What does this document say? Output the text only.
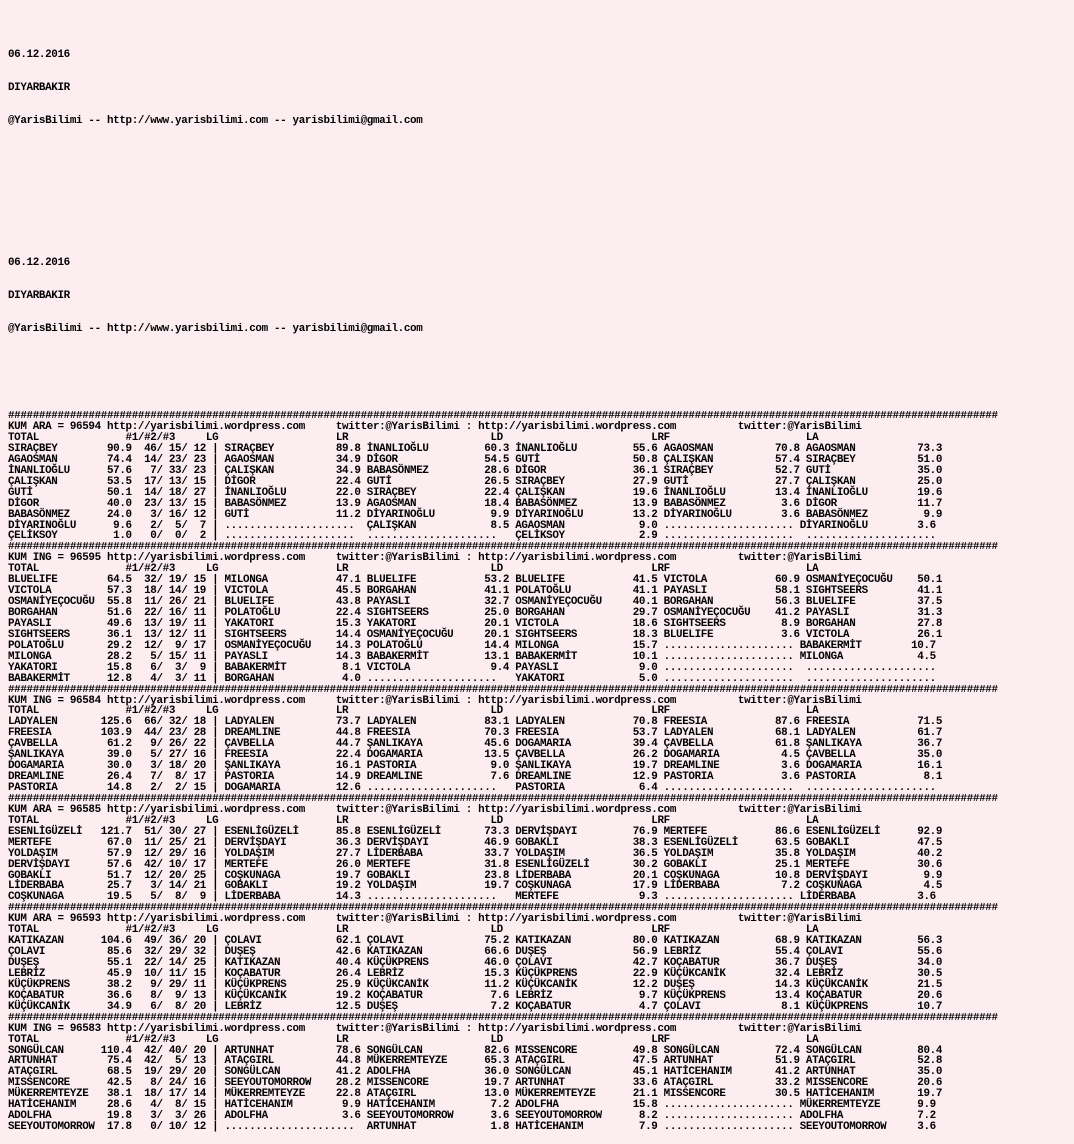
06.12.2016

DIYARBAKIR

@YarisBilimi -- http://www.yarisbilimi.com -- yarisbilimi@gmail.com

06.12.2016

DIYARBAKIR

@YarisBilimi -- http://www.yarisbilimi.com -- yarisbilimi@gmail.com

################################################################################################################################################################
KUM ARA = 96594 http://yarisbilimi.wordpress.com     twitter:@YarisBilimi : http://yarisbilimi.wordpress.com          twitter:@YarisBilimi
TOTAL              #1/#2/#3     LG                   LR                       LD                        LRF                      LA
SIRAÇBEY        90.9  46/ 15/ 12 | SIRAÇBEY          89.8 İNANLIOĞLU         60.3 İNANLIOĞLU         55.6 AGAOSMAN          70.8 AGAOSMAN          73.3
AGAOSMAN        74.4  14/ 23/ 23 | AGAOSMAN          34.9 DİGOR              54.5 GUTİ               50.8 ÇALIŞKAN          57.4 SIRAÇBEY          51.0
İNANLIOĞLU      57.6   7/ 33/ 23 | ÇALIŞKAN          34.9 BABASÖNMEZ         28.6 DİGOR              36.1 SIRAÇBEY          52.7 GUTİ              35.0
ÇALIŞKAN        53.5  17/ 13/ 15 | DİGOR             22.4 GUTİ               26.5 SIRAÇBEY           27.9 GUTİ              27.7 ÇALIŞKAN          25.0
GUTİ            50.1  14/ 18/ 27 | İNANLIOĞLU        22.0 SIRAÇBEY           22.4 ÇALIŞKAN           19.6 İNANLIOĞLU        13.4 İNANLIOĞLU        19.6
DİGOR           40.0  23/ 13/ 15 | BABASÖNMEZ        13.9 AGAOSMAN           18.4 BABASÖNMEZ         13.9 BABASÖNMEZ         3.6 DİGOR             11.7
BABASÖNMEZ      24.0   3/ 16/ 12 | GUTİ              11.2 DİYARINOĞLU         9.9 DİYARINOĞLU        13.2 DİYARINOĞLU        3.6 BABASÖNMEZ         9.9
DİYARINOĞLU      9.6   2/  5/  7 | .....................  ÇALIŞKAN            8.5 AGAOSMAN            9.0 ..................... DİYARINOĞLU        3.6
ÇELİKSOY         1.0   0/  0/  2 | .....................  .....................   ÇELİKSOY            2.9 .....................  .....................
################################################################################################################################################################
KUM ING = 96595 http://yarisbilimi.wordpress.com     twitter:@YarisBilimi : http://yarisbilimi.wordpress.com          twitter:@YarisBilimi
TOTAL              #1/#2/#3     LG                   LR                       LD                        LRF                      LA
BLUELIFE        64.5  32/ 19/ 15 | MILONGA           47.1 BLUELIFE           53.2 BLUELIFE           41.5 VICTOLA           60.9 OSMANİYEÇOCUĞU    50.1
VICTOLA         57.3  18/ 14/ 19 | VICTOLA           45.5 BORGAHAN           41.1 POLATOĞLU          41.1 PAYASLI           58.1 SIGHTSEERS        41.1
OSMANİYEÇOCUĞU  55.8  11/ 26/ 21 | BLUELIFE          43.8 PAYASLI            32.7 OSMANİYEÇOCUĞU     40.1 BORGAHAN          56.3 BLUELIFE          37.5
BORGAHAN        51.6  22/ 16/ 11 | POLATOĞLU         22.4 SIGHTSEERS         25.0 BORGAHAN           29.7 OSMANİYEÇOCUĞU    41.2 PAYASLI           31.3
PAYASLI         49.6  13/ 19/ 11 | YAKATORI          15.3 YAKATORI           20.1 VICTOLA            18.6 SIGHTSEERS         8.9 BORGAHAN          27.8
SIGHTSEERS      36.1  13/ 12/ 11 | SIGHTSEERS        14.4 OSMANİYEÇOCUĞU     20.1 SIGHTSEERS         18.3 BLUELIFE           3.6 VICTOLA           26.1
POLATOĞLU       29.2  12/  9/ 17 | OSMANİYEÇOCUĞU    14.3 POLATOĞLU          14.4 MILONGA            15.7 ..................... BABAKERMİT        10.7
MILONGA         28.2   5/ 15/ 11 | PAYASLI           14.3 BABAKERMİT         13.1 BABAKERMİT         10.1 ..................... MILONGA            4.5
YAKATORI        15.8   6/  3/  9 | BABAKERMİT         8.1 VICTOLA             9.4 PAYASLI             9.0 .....................  .....................
BABAKERMİT      12.8   4/  3/ 11 | BORGAHAN           4.0 .....................   YAKATORI            5.0 .....................  .....................
################################################################################################################################################################
KUM ING = 96584 http://yarisbilimi.wordpress.com     twitter:@YarisBilimi : http://yarisbilimi.wordpress.com          twitter:@YarisBilimi
TOTAL              #1/#2/#3     LG                   LR                       LD                        LRF                      LA
LADYALEN       125.6  66/ 32/ 18 | LADYALEN          73.7 LADYALEN           83.1 LADYALEN           70.8 FREESIA           87.6 FREESIA           71.5
FREESIA        103.9  44/ 23/ 28 | DREAMLINE         44.8 FREESIA            70.3 FREESIA            53.7 LADYALEN          68.1 LADYALEN          61.7
ÇAVBELLA        61.2   9/ 26/ 22 | ÇAVBELLA          44.7 ŞANLIKAYA          45.6 DOGAMARIA          39.4 ÇAVBELLA          61.8 ŞANLIKAYA         36.7
ŞANLIKAYA       39.0   5/ 27/ 16 | FREESIA           22.4 DOGAMARIA          13.5 ÇAVBELLA           26.2 DOGAMARIA          4.5 ÇAVBELLA          35.0
DOGAMARIA       30.0   3/ 18/ 20 | ŞANLIKAYA         16.1 PASTORIA            9.0 ŞANLIKAYA          19.7 DREAMLINE          3.6 DOGAMARIA         16.1
DREAMLINE       26.4   7/  8/ 17 | PASTORIA          14.9 DREAMLINE           7.6 DREAMLINE          12.9 PASTORIA           3.6 PASTORIA           8.1
PASTORIA        14.8   2/  2/ 15 | DOGAMARIA         12.6 .....................   PASTORIA            6.4 .....................  .....................
################################################################################################################################################################
KUM ARA = 96585 http://yarisbilimi.wordpress.com     twitter:@YarisBilimi : http://yarisbilimi.wordpress.com          twitter:@YarisBilimi
TOTAL              #1/#2/#3     LG                   LR                       LD                        LRF                      LA
ESENLİGÜZELİ   121.7  51/ 30/ 27 | ESENLİGÜZELİ      85.8 ESENLİGÜZELİ       73.3 DERVİŞDAYI         76.9 MERTEFE           86.6 ESENLİGÜZELİ      92.9
MERTEFE         67.0  11/ 25/ 21 | DERVİŞDAYI        36.3 DERVİŞDAYI         46.9 GOBAKLI            38.3 ESENLİGÜZELİ      63.5 GOBAKLI           47.5
YOLDAŞIM        57.9  12/ 29/ 16 | YOLDAŞIM          27.7 LİDERBABA          33.7 YOLDAŞIM           36.5 YOLDAŞIM          35.8 YOLDAŞIM          40.2
DERVİŞDAYI      57.6  42/ 10/ 17 | MERTEFE           26.0 MERTEFE            31.8 ESENLİGÜZELİ       30.2 GOBAKLI           25.1 MERTEFE           30.6
GOBAKLI         51.7  12/ 20/ 25 | COŞKUNAGA         19.7 GOBAKLI            23.8 LİDERBABA          20.1 COŞKUNAGA         10.8 DERVİŞDAYI         9.9
LİDERBABA       25.7   3/ 14/ 21 | GOBAKLI           19.2 YOLDAŞIM           19.7 COŞKUNAGA          17.9 LİDERBABA          7.2 COŞKUNAGA          4.5
COŞKUNAGA       19.5   5/  8/  9 | LİDERBABA         14.3 .....................   MERTEFE             9.3 ..................... LİDERBABA          3.6
################################################################################################################################################################
KUM ARA = 96593 http://yarisbilimi.wordpress.com     twitter:@YarisBilimi : http://yarisbilimi.wordpress.com          twitter:@YarisBilimi
TOTAL              #1/#2/#3     LG                   LR                       LD                        LRF                      LA
KATIKAZAN      104.6  49/ 36/ 20 | ÇOLAVI            62.1 ÇOLAVI             75.2 KATIKAZAN          80.0 KATIKAZAN         68.9 KATIKAZAN         56.3
ÇOLAVI          85.6  32/ 29/ 32 | DUŞEŞ             42.6 KATIKAZAN          66.6 DUŞEŞ              56.9 LEBRİZ            55.4 ÇOLAVI            55.6
DUŞEŞ           55.1  22/ 14/ 25 | KATIKAZAN         40.4 KÜÇÜKPRENS         46.0 ÇOLAVI             42.7 KOÇABATUR         36.7 DUŞEŞ             34.0
LEBRİZ          45.9  10/ 11/ 15 | KOÇABATUR         26.4 LEBRİZ             15.3 KÜÇÜKPRENS         22.9 KÜÇÜKCANİK        32.4 LEBRİZ            30.5
KÜÇÜKPRENS      38.2   9/ 29/ 11 | KÜÇÜKPRENS        25.9 KÜÇÜKCANİK         11.2 KÜÇÜKCANİK         12.2 DUŞEŞ             14.3 KÜÇÜKCANİK        21.5
KOÇABATUR       36.6   8/  9/ 13 | KÜÇÜKCANİK        19.2 KOÇABATUR           7.6 LEBRİZ              9.7 KÜÇÜKPRENS        13.4 KOÇABATUR         20.6
KÜÇÜKCANİK      34.9   6/  8/ 20 | LEBRİZ            12.5 DUŞEŞ               7.2 KOÇABATUR           4.7 ÇOLAVI             8.1 KÜÇÜKPRENS        10.7
################################################################################################################################################################
KUM ING = 96583 http://yarisbilimi.wordpress.com     twitter:@YarisBilimi : http://yarisbilimi.wordpress.com          twitter:@YarisBilimi
TOTAL              #1/#2/#3     LG                   LR                       LD                        LRF                      LA
SONGÜLCAN      110.4  42/ 40/ 20 | ARTUNHAT          78.6 SONGÜLCAN          82.6 MISSENCORE         49.8 SONGÜLCAN         72.4 SONGÜLCAN         80.4
ARTUNHAT        75.4  42/  5/ 13 | ATAÇGIRL          44.8 MÜKERREMTEYZE      65.3 ATAÇGIRL           47.5 ARTUNHAT          51.9 ATAÇGIRL          52.8
ATAÇGIRL        68.5  19/ 29/ 20 | SONGÜLCAN         41.2 ADOLFHA            36.0 SONGÜLCAN          45.1 HATİCEHANIM       41.2 ARTUNHAT          35.0
MISSENCORE      42.5   8/ 24/ 16 | SEEYOUTOMORROW    28.2 MISSENCORE         19.7 ARTUNHAT           33.6 ATAÇGIRL          33.2 MISSENCORE        20.6
MÜKERREMTEYZE   38.1  18/ 17/ 14 | MÜKERREMTEYZE     22.8 ATAÇGIRL           13.0 MÜKERREMTEYZE      21.1 MISSENCORE        30.5 HATİCEHANIM       19.7
HATİCEHANIM     28.6   4/  8/ 15 | HATİCEHANIM        9.9 HATİCEHANIM         7.2 ADOLFHA            15.8 ..................... MÜKERREMTEYZE      9.9
ADOLFHA         19.8   3/  3/ 26 | ADOLFHA            3.6 SEEYOUTOMORROW      3.6 SEEYOUTOMORROW      8.2 ..................... ADOLFHA            7.2
SEEYOUTOMORROW  17.8   0/ 10/ 12 | .....................  ARTUNHAT            1.8 HATİCEHANIM         7.9 ..................... SEEYOUTOMORROW     3.6
